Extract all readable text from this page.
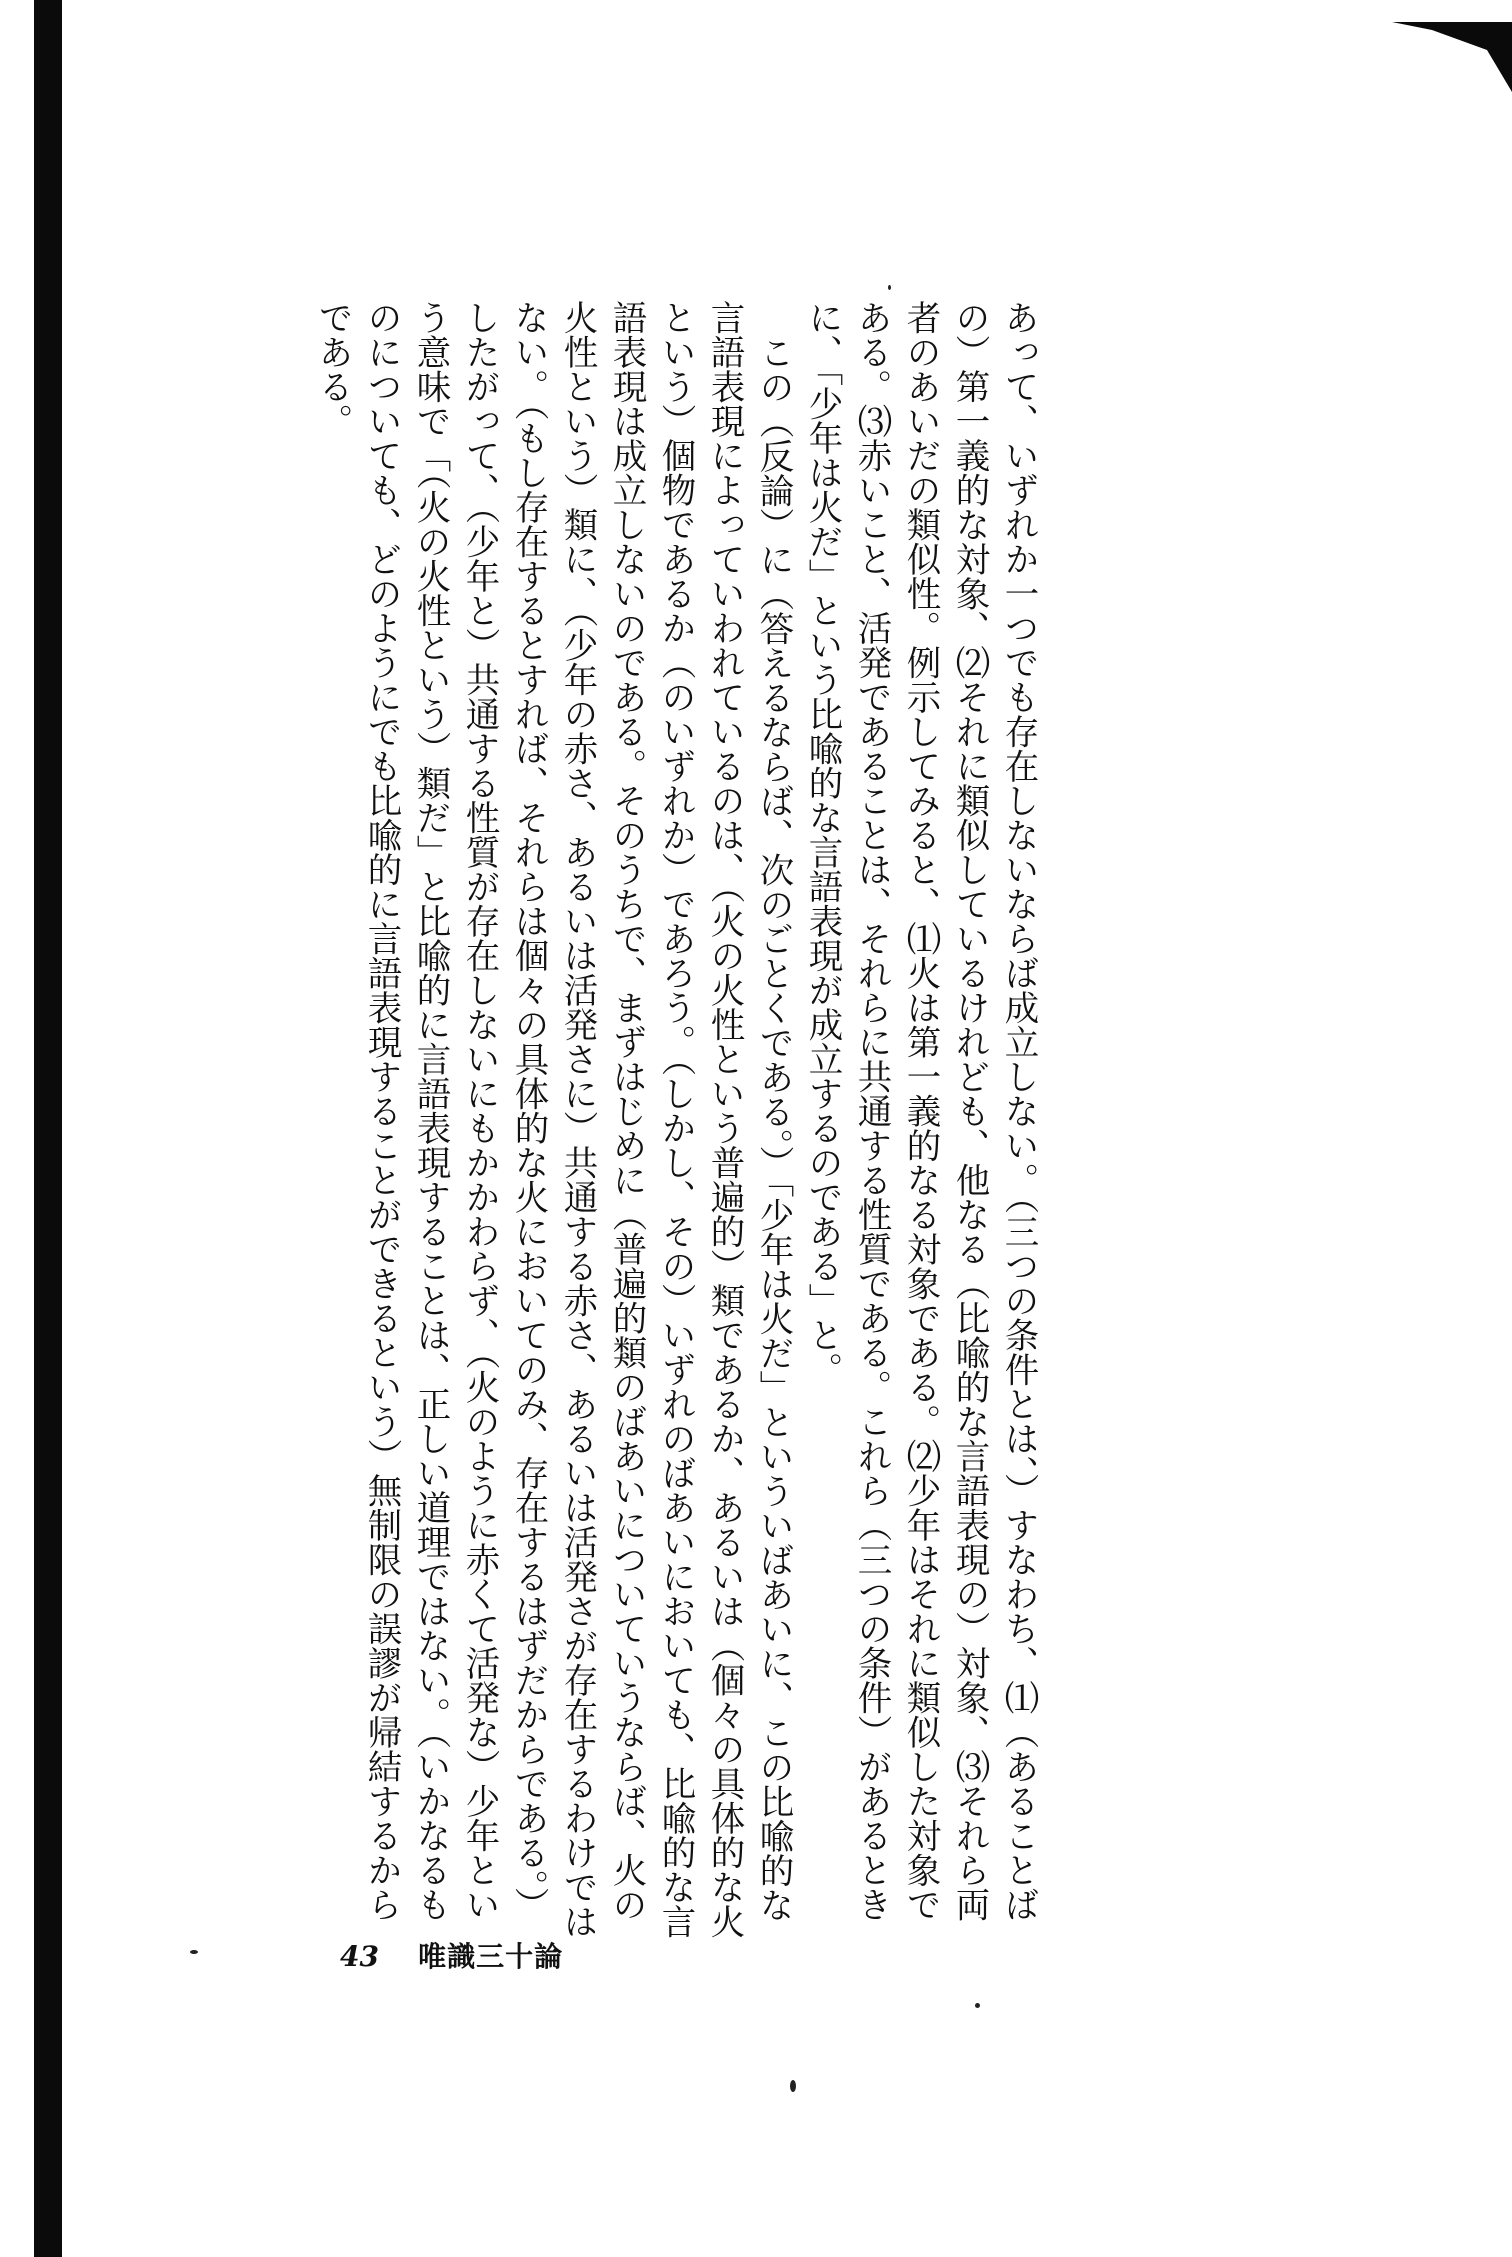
あって、いずれか一つでも存在しないならば成立しない。（三つの条件とは、）すなわち、⑴（あることばの）第一義的な対象、⑵それに類似しているけれども、他なる（比喩的な言語表現の）対象、⑶それら両者のあいだの類似性。例示してみると、⑴火は第一義的なる対象である。⑵少年はそれに類似した対象である。⑶赤いこと、活発であることは、それらに共通する性質である。これら（三つの条件）があるときに、「少年は火だ」という比喩的な言語表現が成立するのである」と。

この（反論）に（答えるならば、次のごとくである。）「少年は火だ」といういばあいに、この比喩的な言語表現によっていわれているのは、（火の火性という普遍的）類であるか、あるいは（個々の具体的な火という）個物であるか（のいずれか）であろう。（しかし、その）いずれのばあいにおいても、比喩的な言語表現は成立しないのである。そのうちで、まずはじめに（普遍的類のばあいについていうならば、火の火性という）類に、（少年の赤さ、あるいは活発さに）共通する赤さ、あるいは活発さが存在するわけではない。（もし存在するとすれば、それらは個々の具体的な火においてのみ、存在するはずだからである。）したがって、（少年と）共通する性質が存在しないにもかかわらず、（火のように赤くて活発な）少年という意味で「（火の火性という）類だ」と比喩的に言語表現することは、正しい道理ではない。（いかなるものについても、どのようにでも比喩的に言語表現することができるという）無制限の誤謬が帰結するからである。

43 唯識三十論
